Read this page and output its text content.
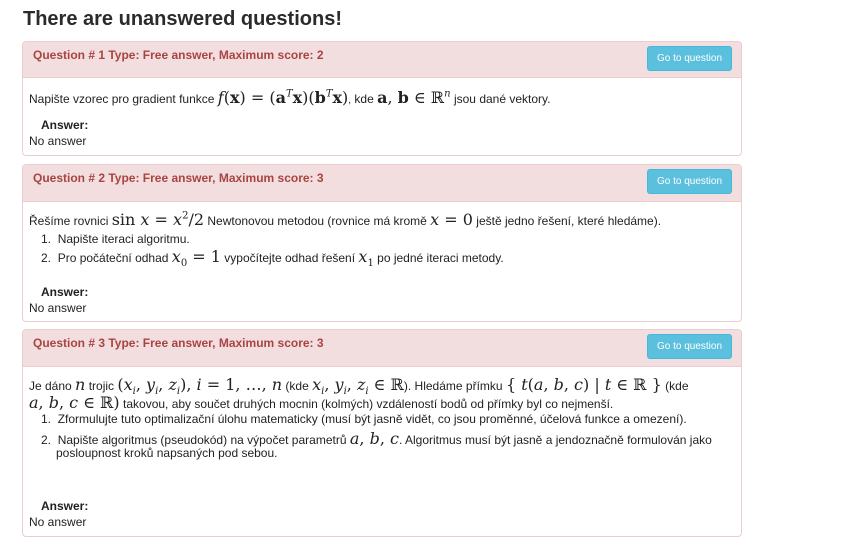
There are unanswered questions!
Question # 1 Type: Free answer, Maximum score: 2	Go to question
Napište vzorec pro gradient funkce $f(x) = (a^Tx)(b^Tx)$, kde a, b ∈ ℝ$^n$ jsou dané vektory.
Answer:
No answer
Question # 2 Type: Free answer, Maximum score: 3	Go to question
Řešíme rovnici $\sin x = x^2/2$ Newtonovou metodou (rovnice má kromě x = 0 ještě jedno řešení, které hledáme).
1.  Napište iteraci algoritmu.
2.  Pro počáteční odhad $x_0 = 1$ vypočítejte odhad řešení $x_1$ po jedné iteraci metody.
Answer:
No answer
Question # 3 Type: Free answer, Maximum score: 3	Go to question
Je dáno n trojic ($x_i$, $y_i$, $z_i$), i = 1, …, n (kde $x_i$, $y_i$, $z_i$ ∈ ℝ). Hledáme přímku { t(a, b, c) | t ∈ ℝ } (kde
a, b, c ∈ ℝ) takovou, aby součet druhých mocnin (kolmých) vzdáleností bodů od přímky byl co nejmenší.
1.  Zformulujte tuto optimalizační úlohu matematicky (musí být jasně vidět, co jsou proměnné, účelová funkce a omezení).
2.  Napište algoritmus (pseudokód) na výpočet parametrů a, b, c. Algoritmus musí být jasně a jendoznačně formulován jako
posloupnost kroků napsaných pod sebou.
Answer:
No answer
